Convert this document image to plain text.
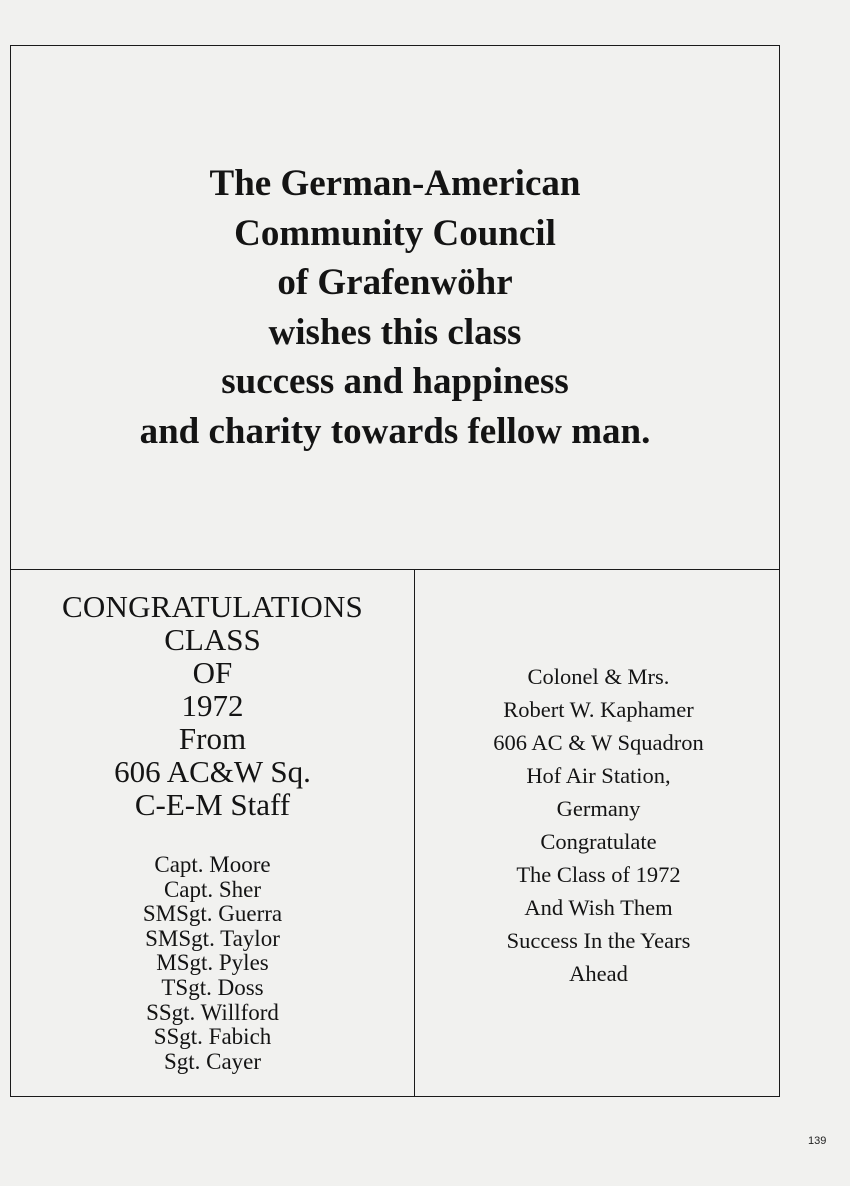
The German-American
Community Council
of Grafenwöhr
wishes this class
success and happiness
and charity towards fellow man.
CONGRATULATIONS
CLASS
OF
1972
From
606 AC&W Sq.
C-E-M Staff
Capt. Moore
Capt. Sher
SMSgt. Guerra
SMSgt. Taylor
MSgt. Pyles
TSgt. Doss
SSgt. Willford
SSgt. Fabich
Sgt. Cayer
Colonel & Mrs.
Robert W. Kaphamer
606 AC & W Squadron
Hof Air Station,
Germany
Congratulate
The Class of 1972
And Wish Them
Success In the Years
Ahead
139
